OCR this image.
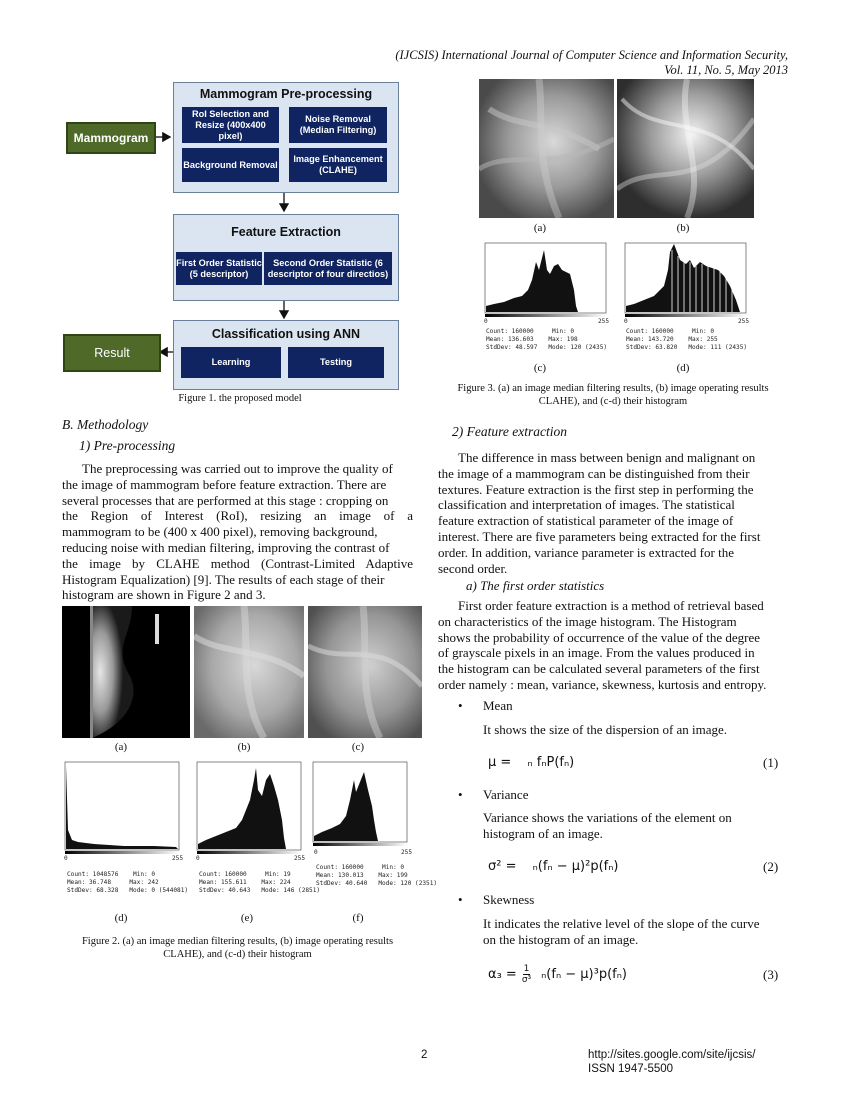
(IJCSIS) International Journal of Computer Science and Information Security,
Vol. 11, No. 5, May 2013
Mammogram
Mammogram Pre-processing
RoI Selection and Resize (400x400 pixel)
Noise Removal (Median Filtering)
Background Removal
Image Enhancement (CLAHE)
Feature Extraction
First Order Statistic (5 descriptor)
Second Order Statistic (6 descriptor of four directios)
Classification using ANN
Learning	Testing
Result
Figure 1. the proposed model
(a)	(b)
0	255
Count: 160000     Min: 0
Mean: 136.603    Max: 198
StdDev: 48.597   Mode: 120 (2435)
0	255
Count: 160000     Min: 0
Mean: 143.720    Max: 255
StdDev: 63.820   Mode: 111 (2435)
(c)	(d)
Figure 3. (a) an image median filtering results, (b) image operating results
CLAHE), and (c-d) their histogram
B. Methodology
1) Pre-processing
The preprocessing was carried out to improve the quality of
the image of mammogram before feature extraction. There are
several processes that are performed at this stage : cropping on
the Region of Interest (RoI), resizing an image of a
mammogram to be (400 x 400 pixel), removing background,
reducing noise with median filtering, improving the contrast of
the image by CLAHE method (Contrast-Limited Adaptive
Histogram Equalization) [9]. The results of each stage of their
histogram are shown in Figure 2 and 3.
(a)	(b)	(c)
0	255
Count: 1048576    Min: 0
Mean: 36.748     Max: 242
StdDev: 68.328   Mode: 0 (544081)
0	255
Count: 160000     Min: 19
Mean: 155.611    Max: 224
StdDev: 40.643   Mode: 146 (2851)
0	255
Count: 160000     Min: 0
Mean: 130.013    Max: 199
StdDev: 40.640   Mode: 120 (2351)
(d)	(e)	(f)
Figure 2. (a) an image median filtering results, (b) image operating results
CLAHE), and (c-d) their histogram
2) Feature extraction
The difference in mass between benign and malignant on
the image of a mammogram can be distinguished from their
textures. Feature extraction is the first step in performing the
classification and interpretation of images. The statistical
feature extraction of statistical parameter of the image of
interest. There are five parameters being extracted for the first
order. In addition, variance parameter is extracted for the
second order.
a) The first order statistics
First order feature extraction is a method of retrieval based
on characteristics of the image histogram. The Histogram
shows the probability of occurrence of the value of the degree
of grayscale pixels in an image. From the values produced in
the histogram can be calculated several parameters of the first
order namely : mean, variance, skewness, kurtosis and entropy.
• Mean
It shows the size of the dispersion of an image.
μ = ₙ fₙP(fₙ)	(1)
• Variance
Variance shows the variations of the element on
histogram of an image.
σ² = ₙ(fₙ − μ)²p(fₙ)	(2)
• Skewness
It indicates the relative level of the slope of the curve
on the histogram of an image.
$\alpha_3 = \frac{1}{\text{σ³}} _n(f_n - \mu)^3p(f_n)$	(3)
2	http://sites.google.com/site/ijcsis/
ISSN 1947-5500
